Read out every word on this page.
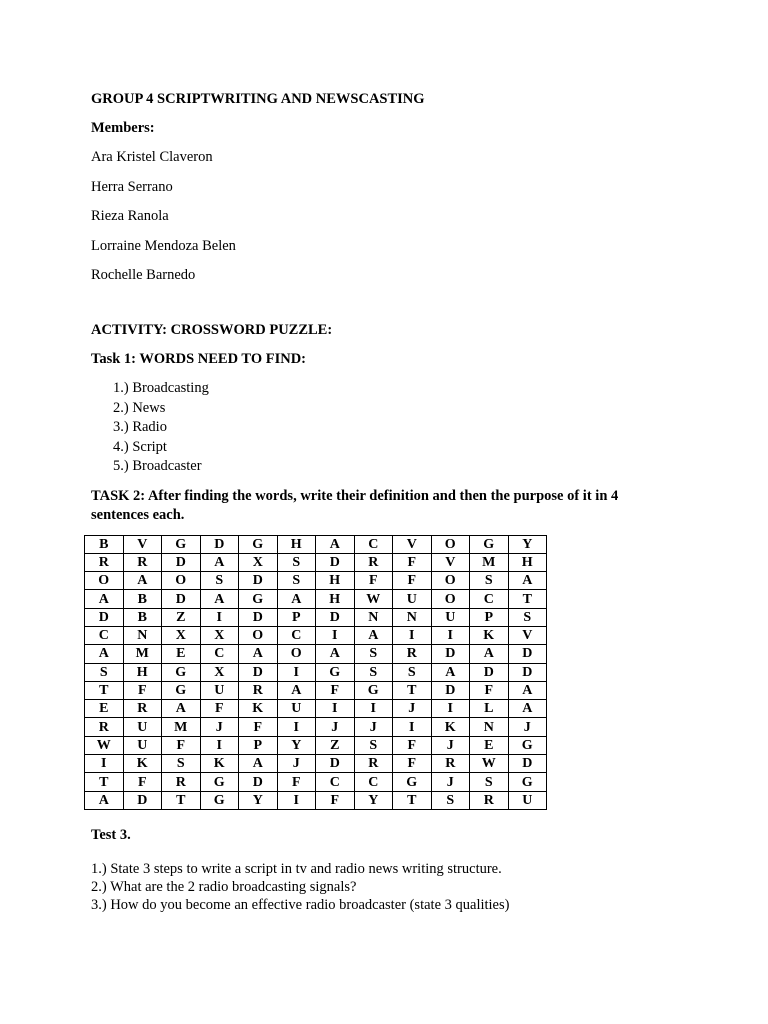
GROUP 4 SCRIPTWRITING AND NEWSCASTING

Members:

Ara Kristel Claveron

Herra Serrano

Rieza Ranola

Lorraine Mendoza Belen

Rochelle Barnedo

ACTIVITY: CROSSWORD PUZZLE:

Task 1: WORDS NEED TO FIND:

1.) Broadcasting
2.) News
3.) Radio
4.) Script
5.) Broadcaster

TASK 2: After finding the words, write their definition and then the purpose of it in 4 sentences each.

B	V	G	D	G	H	A	C	V	O	G	Y
R	R	D	A	X	S	D	R	F	V	M	H
O	A	O	S	D	S	H	F	F	O	S	A
A	B	D	A	G	A	H	W	U	O	C	T
D	B	Z	I	D	P	D	N	N	U	P	S
C	N	X	X	O	C	I	A	I	I	K	V
A	M	E	C	A	O	A	S	R	D	A	D
S	H	G	X	D	I	G	S	S	A	D	D
T	F	G	U	R	A	F	G	T	D	F	A
E	R	A	F	K	U	I	I	J	I	L	A
R	U	M	J	F	I	J	J	I	K	N	J
W	U	F	I	P	Y	Z	S	F	J	E	G
I	K	S	K	A	J	D	R	F	R	W	D
T	F	R	G	D	F	C	C	G	J	S	G
A	D	T	G	Y	I	F	Y	T	S	R	U

Test 3.

1.) State 3 steps to write a script in tv and radio news writing structure.

2.) What are the 2 radio broadcasting signals?

3.) How do you become an effective radio broadcaster (state 3 qualities)
